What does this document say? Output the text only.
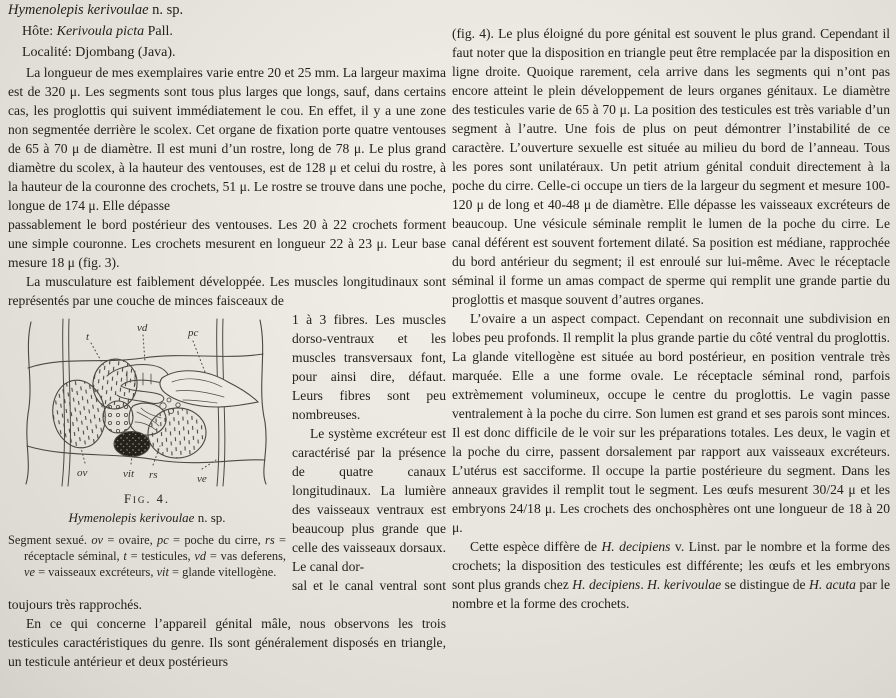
Hymenolepis kerivoulae n. sp.
Hôte: Kerivoula picta Pall.
Localité: Djombang (Java).

La longueur de mes exemplaires varie entre 20 et 25 mm. La largeur maxima est de 320 μ. Les segments sont tous plus larges que longs, sauf, dans certains cas, les proglottis qui suivent immédiatement le cou. En effet, il y a une zone non segmentée derrière le scolex. Cet organe de fixation porte quatre ventouses de 65 à 70 μ de diamètre. Il est muni d’un rostre, long de 78 μ. Le plus grand diamètre du scolex, à la hauteur des ventouses, est de 128 μ et celui du rostre, à la hauteur de la couronne des crochets, 51 μ. Le rostre se trouve dans une poche, longue de 174 μ. Elle dépasse

passablement le bord postérieur des ventouses. Les 20 à 22 crochets forment une simple couronne. Les crochets mesurent en longueur 22 à 23 μ. Leur base mesure 18 μ (fig. 3).

La musculature est faiblement développée. Les muscles longitudinaux sont représentés par une couche de minces faisceaux de

t
vd	pc
ov	vit rs	ve
Fig. 4.
Hymenolepis kerivoulae n. sp.
Segment sexué. ov = ovaire, pc = poche du cirre, rs = réceptacle séminal, t = testicules, vd = vas deferens, ve = vaisseaux excréteurs, vit = glande vitellogène.

1 à 3 fibres. Les muscles dorso-ventraux et les muscles transversaux font, pour ainsi dire, défaut. Leurs fibres sont peu nombreuses.

Le système excréteur est caractérisé par la présence de quatre canaux longitudinaux. La lumière des vaisseaux ventraux est beaucoup plus grande que celle des vaisseaux dorsaux. Le canal dor-

sal et le canal ventral sont toujours très rapprochés.

En ce qui concerne l’appareil génital mâle, nous observons les trois testicules caractéristiques du genre. Ils sont généralement disposés en triangle, un testicule antérieur et deux postérieurs

(fig. 4). Le plus éloigné du pore génital est souvent le plus grand. Cependant il faut noter que la disposition en triangle peut être remplacée par la disposition en ligne droite. Quoique rarement, cela arrive dans les segments qui n’ont pas encore atteint le plein développement de leurs organes génitaux. Le diamètre des testicules varie de 65 à 70 μ. La position des testicules est très variable d’un segment à l’autre. Une fois de plus on peut démontrer l’instabilité de ce caractère. L’ouverture sexuelle est située au milieu du bord de l’anneau. Tous les pores sont unilatéraux. Un petit atrium génital conduit directement à la poche du cirre. Celle-ci occupe un tiers de la largeur du segment et mesure 100-120 μ de long et 40-48 μ de diamètre. Elle dépasse les vaisseaux excréteurs de beaucoup. Une vésicule séminale remplit le lumen de la poche du cirre. Le canal déférent est souvent fortement dilaté. Sa position est médiane, rapprochée du bord antérieur du segment; il est enroulé sur lui-même. Avec le réceptacle séminal il forme un amas compact de sperme qui remplit une grande partie du proglottis et masque souvent d’autres organes.

L’ovaire a un aspect compact. Cependant on reconnait une subdivision en lobes peu profonds. Il remplit la plus grande partie du côté ventral du proglottis. La glande vitellogène est située au bord postérieur, en position ventrale très marquée. Elle a une forme ovale. Le réceptacle séminal rond, parfois extrèmement volumineux, occupe le centre du proglottis. Le vagin passe ventralement à la poche du cirre. Son lumen est grand et ses parois sont minces. Il est donc difficile de le voir sur les préparations totales. Les deux, le vagin et la poche du cirre, passent dorsalement par rapport aux vaisseaux excréteurs. L’utérus est sacciforme. Il occupe la partie postérieure du segment. Dans les anneaux gravides il remplit tout le segment. Les œufs mesurent 30/24 μ et les embryons 24/18 μ. Les crochets des onchosphères ont une longueur de 18 à 20 μ.

Cette espèce diffère de H. decipiens v. Linst. par le nombre et la forme des crochets; la disposition des testicules est différente; les œufs et les embryons sont plus grands chez H. decipiens. H. kerivoulae se distingue de H. acuta par le nombre et la forme des crochets.
